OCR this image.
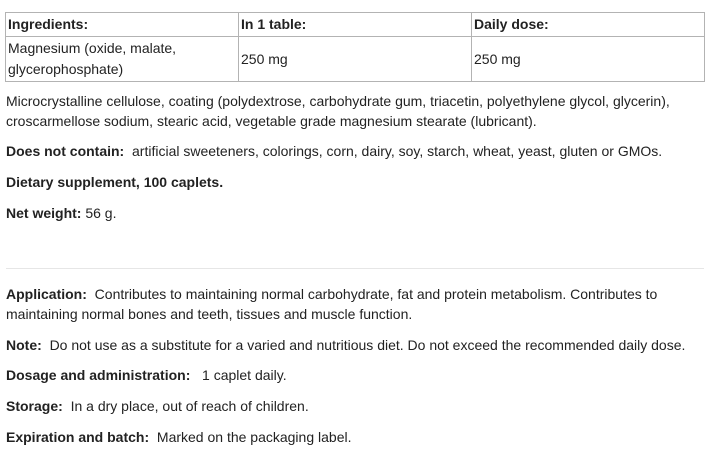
Ingredients:	In 1 table:	Daily dose:
Magnesium (oxide, malate, glycerophosphate)	250 mg	250 mg

Microcrystalline cellulose, coating (polydextrose, carbohydrate gum, triacetin, polyethylene glycol, glycerin), croscarmellose sodium, stearic acid, vegetable grade magnesium stearate (lubricant).

Does not contain: artificial sweeteners, colorings, corn, dairy, soy, starch, wheat, yeast, gluten or GMOs.

Dietary supplement, 100 caplets.

Net weight: 56 g.

Application: Contributes to maintaining normal carbohydrate, fat and protein metabolism. Contributes to maintaining normal bones and teeth, tissues and muscle function.

Note: Do not use as a substitute for a varied and nutritious diet. Do not exceed the recommended daily dose.

Dosage and administration: 1 caplet daily.

Storage: In a dry place, out of reach of children.

Expiration and batch: Marked on the packaging label.
